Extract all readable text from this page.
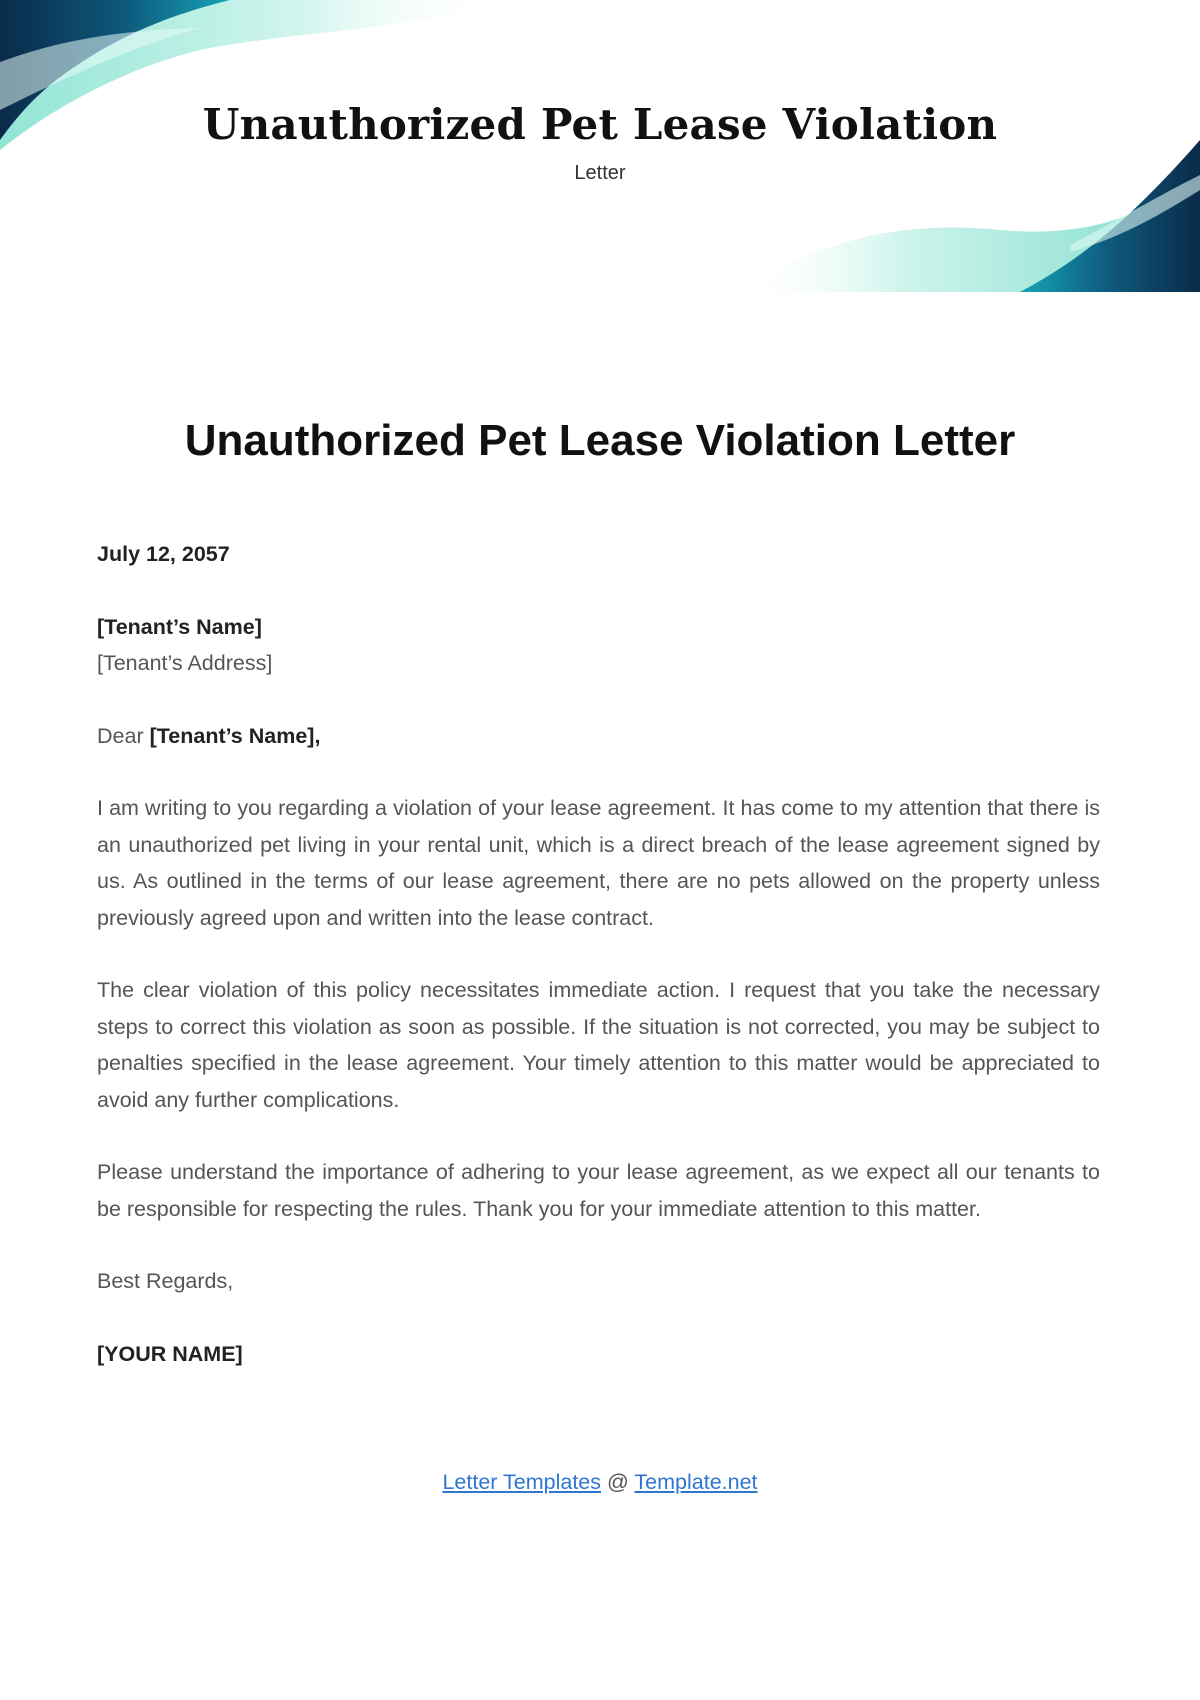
Unauthorized Pet Lease Violation
Letter
Unauthorized Pet Lease Violation Letter

July 12, 2057

[Tenant’s Name]
[Tenant’s Address]

Dear [Tenant’s Name],

I am writing to you regarding a violation of your lease agreement. It has come to my attention that there is an unauthorized pet living in your rental unit, which is a direct breach of the lease agreement signed by us. As outlined in the terms of our lease agreement, there are no pets allowed on the property unless previously agreed upon and written into the lease contract.

The clear violation of this policy necessitates immediate action. I request that you take the necessary steps to correct this violation as soon as possible. If the situation is not corrected, you may be subject to penalties specified in the lease agreement. Your timely attention to this matter would be appreciated to avoid any further complications.

Please understand the importance of adhering to your lease agreement, as we expect all our tenants to be responsible for respecting the rules. Thank you for your immediate attention to this matter.

Best Regards,

[YOUR NAME]

Letter Templates @ Template.net
